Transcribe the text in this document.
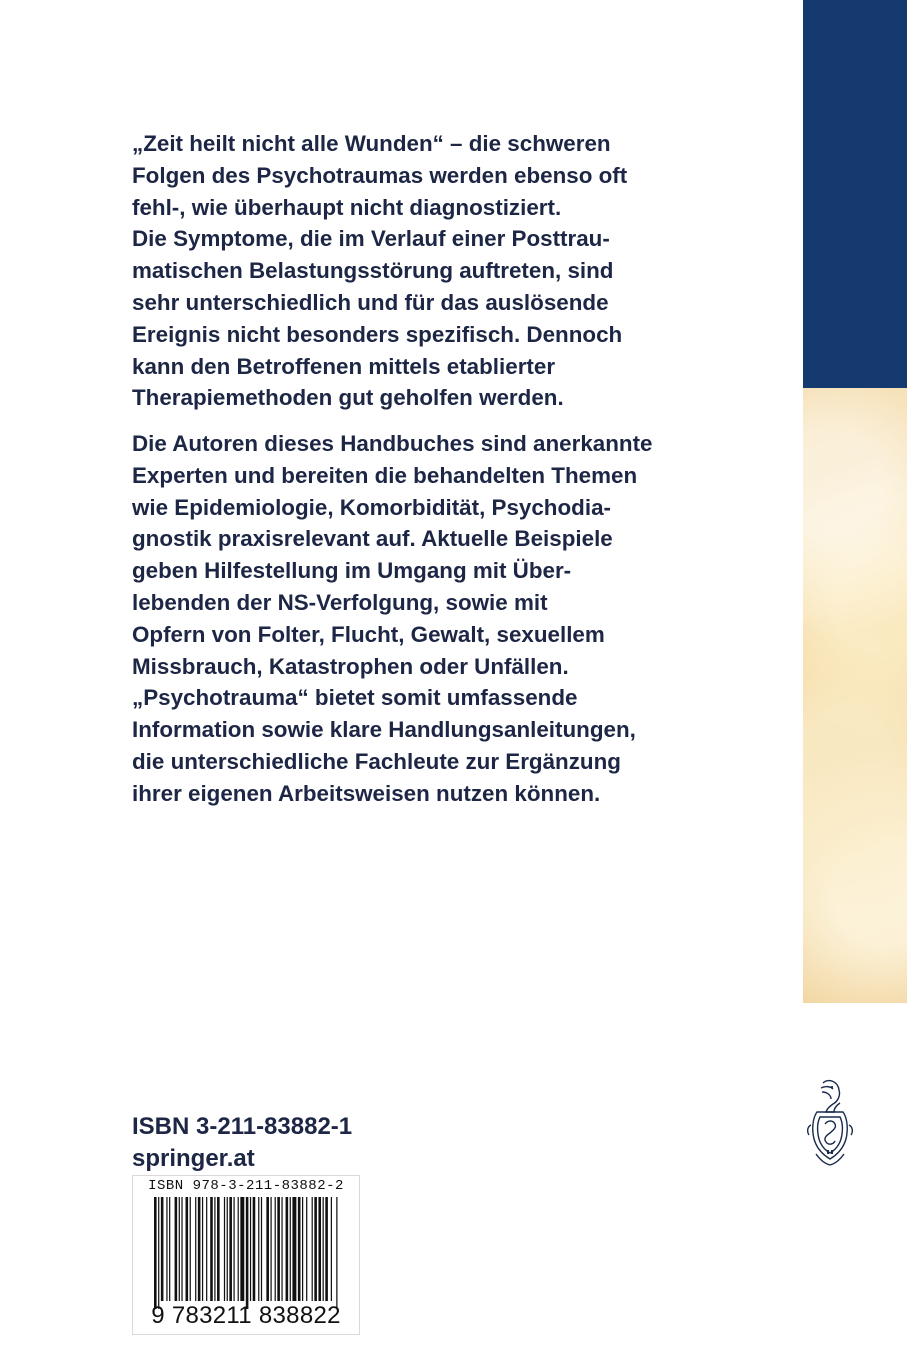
„Zeit heilt nicht alle Wunden“ – die schweren
Folgen des Psychotraumas werden ebenso oft
fehl-, wie überhaupt nicht diagnostiziert.
Die Symptome, die im Verlauf einer Posttrau-
matischen Belastungsstörung auftreten, sind
sehr unterschiedlich und für das auslösende
Ereignis nicht besonders spezifisch. Dennoch
kann den Betroffenen mittels etablierter
Therapiemethoden gut geholfen werden.
Die Autoren dieses Handbuches sind anerkannte
Experten und bereiten die behandelten Themen
wie Epidemiologie, Komorbidität, Psychodia-
gnostik praxisrelevant auf. Aktuelle Beispiele
geben Hilfestellung im Umgang mit Über-
lebenden der NS-Verfolgung, sowie mit
Opfern von Folter, Flucht, Gewalt, sexuellem
Missbrauch, Katastrophen oder Unfällen.
„Psychotrauma“ bietet somit umfassende
Information sowie klare Handlungsanleitungen,
die unterschiedliche Fachleute zur Ergänzung
ihrer eigenen Arbeitsweisen nutzen können.
ISBN 3-211-83882-1
springer.at
ISBN 978-3-211-83882-2
9 783211 838822
